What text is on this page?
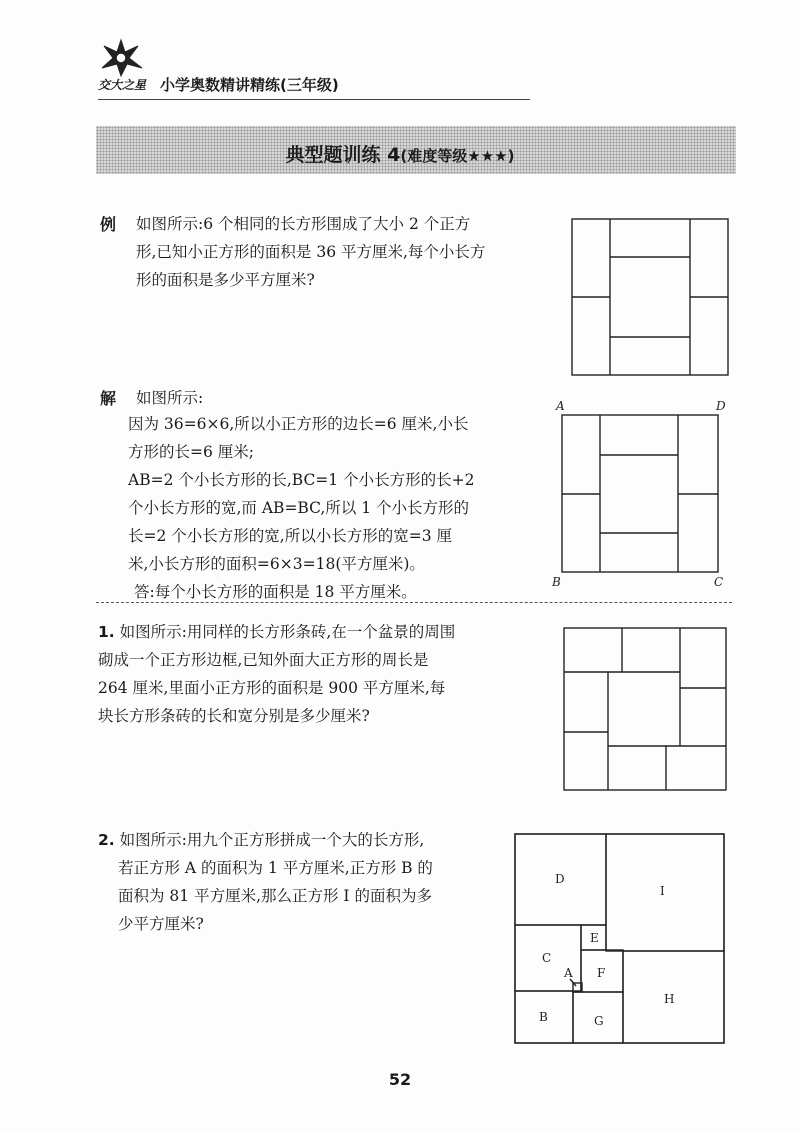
交大之星 小学奥数精讲精练(三年级)
典型题训练 4(难度等级★★★)
例 如图所示:6 个相同的长方形围成了大小 2 个正方
形,已知小正方形的面积是 36 平方厘米,每个小长方
形的面积是多少平方厘米?
解 如图所示:
因为 36=6×6,所以小正方形的边长=6 厘米,小长
方形的长=6 厘米;
AB=2 个小长方形的长,BC=1 个小长方形的长+2
个小长方形的宽,而 AB=BC,所以 1 个小长方形的
长=2 个小长方形的宽,所以小长方形的宽=3 厘
米,小长方形的面积=6×3=18(平方厘米)。
答:每个小长方形的面积是 18 平方厘米。
A	D
B	C
1. 如图所示:用同样的长方形条砖,在一个盆景的周围
砌成一个正方形边框,已知外面大正方形的周长是
264 厘米,里面小正方形的面积是 900 平方厘米,每
块长方形条砖的长和宽分别是多少厘米?
2. 如图所示:用九个正方形拼成一个大的长方形,
若正方形 A 的面积为 1 平方厘米,正方形 B 的
面积为 81 平方厘米,那么正方形 I 的面积为多
少平方厘米?
D
I
E
C
F
A
H
B	G
52
